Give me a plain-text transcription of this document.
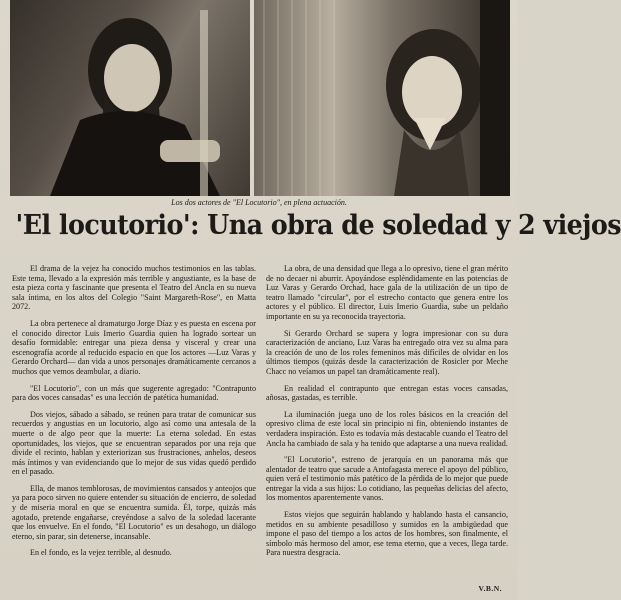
Los dos actores de "El Locutorio", en plena actuación.
'El locutorio': Una obra de soledad y 2 viejos

El drama de la vejez ha conocido muchos testimonios en las tablas. Este tema, llevado a la expresión más terrible y angustiante, es la base de esta pieza corta y fascinante que presenta el Teatro del Ancla en su nueva sala íntima, en los altos del Colegio "Saint Margareth-Rose", en Matta 2072.

La obra pertenece al dramaturgo Jorge Díaz y es puesta en escena por el conocido director Luis Imerio Guardia quien ha logrado sortear un desafío formidable: entregar una pieza densa y visceral y crear una escenografía acorde al reducido espacio en que los actores —Luz Varas y Gerardo Orchard— dan vida a unos personajes dramáticamente cercanos a muchos que vemos deambular, a diario.

"El Locutorio", con un más que sugerente agregado: "Contrapunto para dos voces cansadas" es una lección de patética humanidad.

Dos viejos, sábado a sábado, se reúnen para tratar de comunicar sus recuerdos y angustias en un locutorio, algo así como una antesala de la muerte o de algo peor que la muerte: La eterna soledad. En estas oportunidades, los viejos, que se encuentran separados por una reja que divide el recinto, hablan y exteriorizan sus frustraciones, anhelos, deseos más íntimos y van evidenciando que lo mejor de sus vidas quedó perdido en el pasado.

Ella, de manos temblorosas, de movimientos cansados y anteojos que ya para poco sirven no quiere entender su situación de encierro, de soledad y de miseria moral en que se encuentra sumida. Él, torpe, quizás más agotado, pretende engañarse, creyéndose a salvo de la soledad lacerante que los envuelve. En el fondo, "El Locutorio" es un desahogo, un diálogo eterno, sin parar, sin detenerse, incansable.

En el fondo, es la vejez terrible, al desnudo.

La obra, de una densidad que llega a lo opresivo, tiene el gran mérito de no decaer ni aburrir. Apoyándose espléndidamente en las potencias de Luz Varas y Gerardo Orchad, hace gala de la utilización de un tipo de teatro llamado "circular", por el estrecho contacto que genera entre los actores y el público. El director, Luis Imerio Guardia, sube un peldaño importante en su ya reconocida trayectoria.

Si Gerardo Orchard se supera y logra impresionar con su dura caracterización de anciano, Luz Varas ha entregado otra vez su alma para la creación de uno de los roles femeninos más difíciles de olvidar en los últimos tiempos (quizás desde la caracterización de Rosicler por Meche Chacc no veíamos un papel tan dramáticamente real).

En realidad el contrapunto que entregan estas voces cansadas, añosas, gastadas, es terrible.

La iluminación juega uno de los roles básicos en la creación del opresivo clima de este local sin principio ni fin, obteniendo instantes de verdadera inspiración. Esto es todavía más destacable cuando el Teatro del Ancla ha cambiado de sala y ha tenido que adaptarse a una nueva realidad.

"El Locutorio", estreno de jerarquía en un panorama más que alentador de teatro que sacude a Antofagasta merece el apoyo del público, quien verá el testimonio más patético de la pérdida de lo mejor que puede entregar la vida a sus hijos: Lo cotidiano, las pequeñas delicias del afecto, los momentos aparentemente vanos.

Estos viejos que seguirán hablando y hablando hasta el cansancio, metidos en su ambiente pesadilloso y sumidos en la ambigüedad que impone el paso del tiempo a los actos de los hombres, son finalmente, el símbolo más hermoso del amor, ese tema eterno, que a veces, llega tarde. Para nuestra desgracia.

V.B.N.
